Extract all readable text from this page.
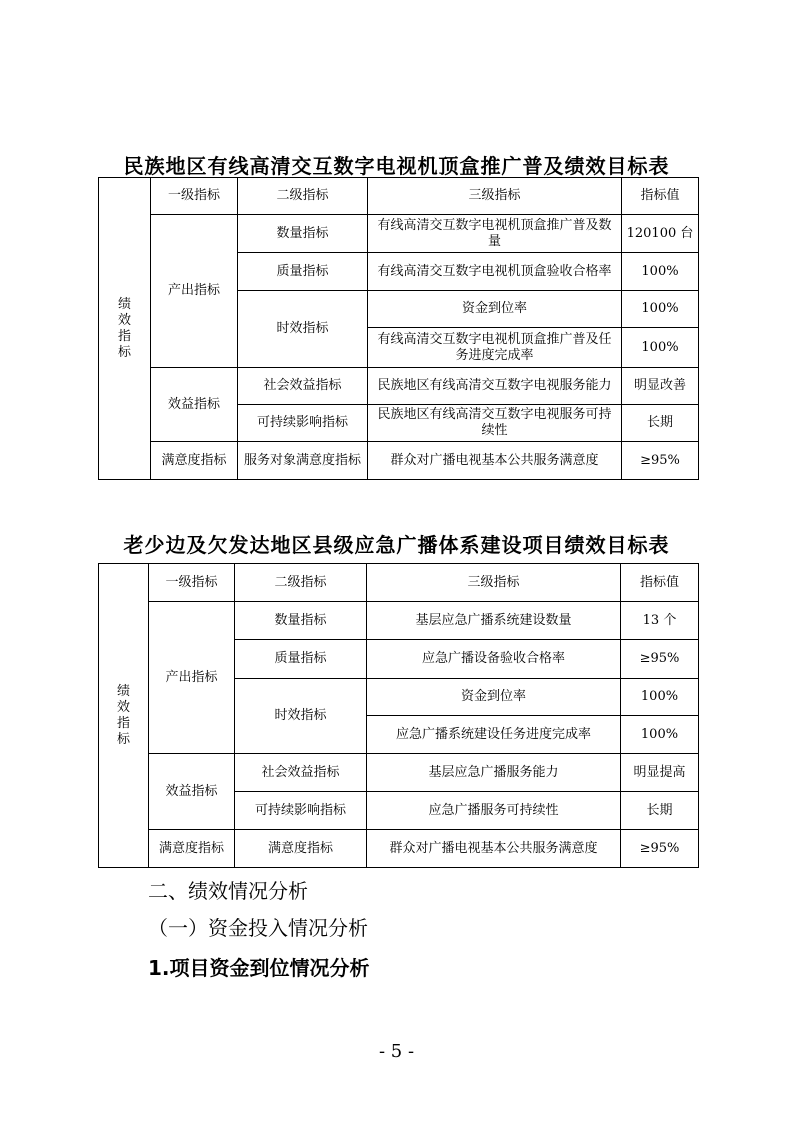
民族地区有线高清交互数字电视机顶盒推广普及绩效目标表
绩
效
指
标	一级指标	二级指标	三级指标	指标值
	产出指标	数量指标	有线高清交互数字电视机顶盒推广普及数量	120100 台
		质量指标	有线高清交互数字电视机顶盒验收合格率	100%
		时效指标	资金到位率	100%
			有线高清交互数字电视机顶盒推广普及任务进度完成率	100%
	效益指标	社会效益指标	民族地区有线高清交互数字电视服务能力	明显改善
		可持续影响指标	民族地区有线高清交互数字电视服务可持续性	长期
	满意度指标	服务对象满意度指标	群众对广播电视基本公共服务满意度	≥95%
老少边及欠发达地区县级应急广播体系建设项目绩效目标表
绩
效
指
标	一级指标	二级指标	三级指标	指标值
	产出指标	数量指标	基层应急广播系统建设数量	13 个
		质量指标	应急广播设备验收合格率	≥95%
		时效指标	资金到位率	100%
			应急广播系统建设任务进度完成率	100%
	效益指标	社会效益指标	基层应急广播服务能力	明显提高
		可持续影响指标	应急广播服务可持续性	长期
	满意度指标	满意度指标	群众对广播电视基本公共服务满意度	≥95%
二、绩效情况分析
（一）资金投入情况分析
1.项目资金到位情况分析
- 5 -
